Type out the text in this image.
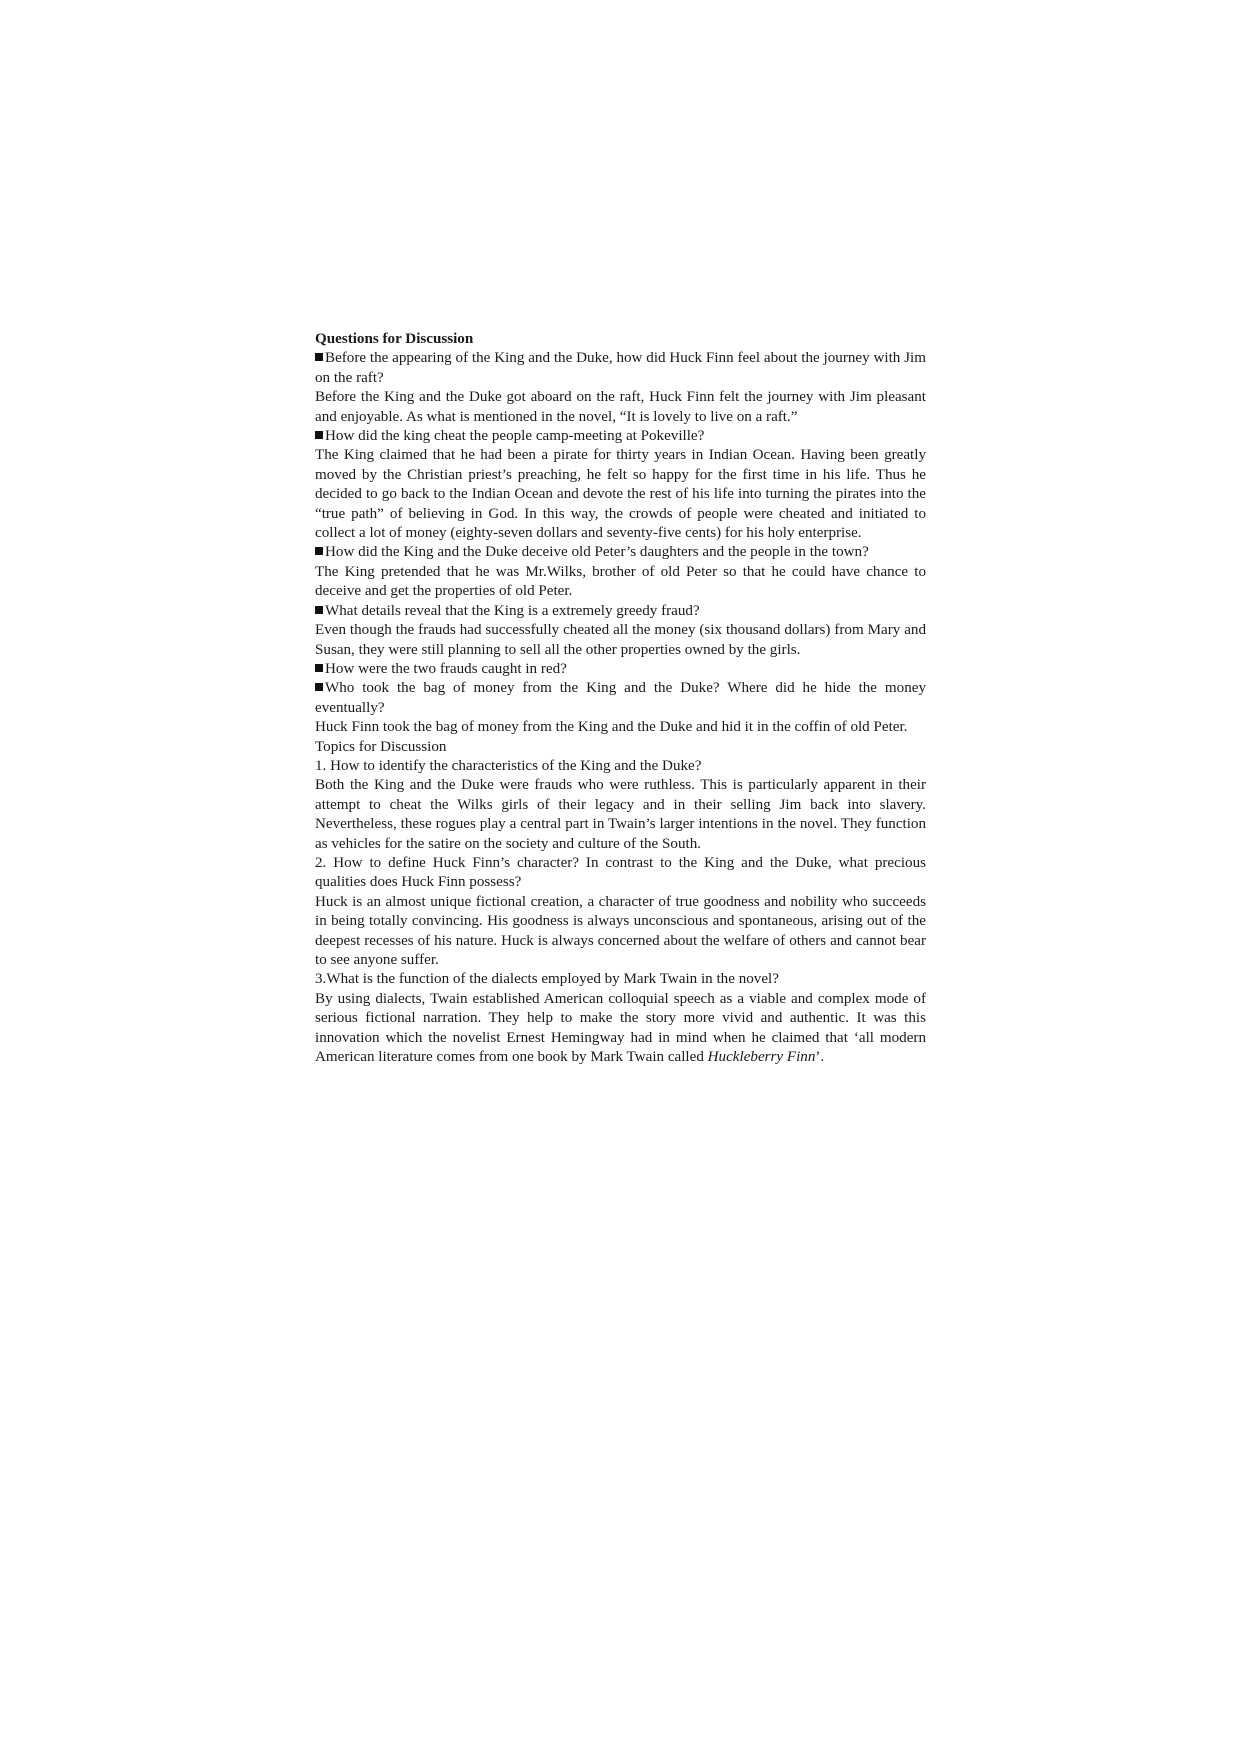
Questions for Discussion

Before the appearing of the King and the Duke, how did Huck Finn feel about the journey with Jim on the raft?

Before the King and the Duke got aboard on the raft, Huck Finn felt the journey with Jim pleasant and enjoyable. As what is mentioned in the novel, “It is lovely to live on a raft.”

How did the king cheat the people camp-meeting at Pokeville?

The King claimed that he had been a pirate for thirty years in Indian Ocean. Having been greatly moved by the Christian priest’s preaching, he felt so happy for the first time in his life. Thus he decided to go back to the Indian Ocean and devote the rest of his life into turning the pirates into the “true path” of believing in God. In this way, the crowds of people were cheated and initiated to collect a lot of money (eighty-seven dollars and seventy-five cents) for his holy enterprise.

How did the King and the Duke deceive old Peter’s daughters and the people in the town?

The King pretended that he was Mr.Wilks, brother of old Peter so that he could have chance to deceive and get the properties of old Peter.

What details reveal that the King is a extremely greedy fraud?

Even though the frauds had successfully cheated all the money (six thousand dollars) from Mary and Susan, they were still planning to sell all the other properties owned by the girls.

How were the two frauds caught in red?

Who took the bag of money from the King and the Duke? Where did he hide the money eventually?

Huck Finn took the bag of money from the King and the Duke and hid it in the coffin of old Peter.

Topics for Discussion

1. How to identify the characteristics of the King and the Duke?

Both the King and the Duke were frauds who were ruthless. This is particularly apparent in their attempt to cheat the Wilks girls of their legacy and in their selling Jim back into slavery. Nevertheless, these rogues play a central part in Twain’s larger intentions in the novel. They function as vehicles for the satire on the society and culture of the South.

2. How to define Huck Finn’s character? In contrast to the King and the Duke, what precious qualities does Huck Finn possess?

Huck is an almost unique fictional creation, a character of true goodness and nobility who succeeds in being totally convincing. His goodness is always unconscious and spontaneous, arising out of the deepest recesses of his nature. Huck is always concerned about the welfare of others and cannot bear to see anyone suffer.

3.What is the function of the dialects employed by Mark Twain in the novel?

By using dialects, Twain established American colloquial speech as a viable and complex mode of serious fictional narration. They help to make the story more vivid and authentic. It was this innovation which the novelist Ernest Hemingway had in mind when he claimed that ‘all modern American literature comes from one book by Mark Twain called Huckleberry Finn’.
